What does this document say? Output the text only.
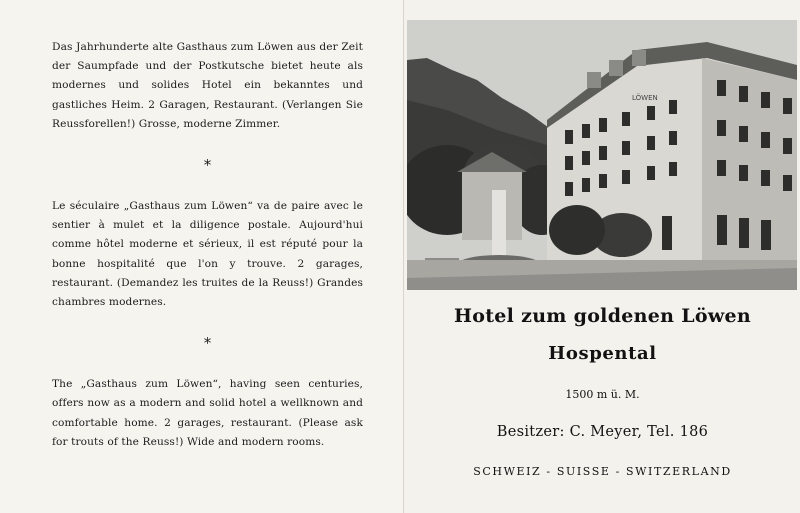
Das Jahrhunderte alte Gasthaus zum Löwen aus der Zeit der Saumpfade und der Postkutsche bietet heute als modernes und solides Hotel ein bekanntes und gastliches Heim. 2 Garagen, Restaurant. (Verlangen Sie Reussforellen!) Grosse, moderne Zimmer.

*

Le séculaire „Gasthaus zum Löwen“ va de paire avec le sentier à mulet et la diligence postale. Aujourd'hui comme hôtel moderne et sérieux, il est réputé pour la bonne hospitalité que l'on y trouve. 2 garages, restaurant. (Demandez les truites de la Reuss!) Grandes chambres modernes.

*

The „Gasthaus zum Löwen“, having seen centuries, offers now as a modern and solid hotel a wellknown and comfortable home. 2 garages, restaurant. (Please ask for trouts of the Reuss!) Wide and modern rooms.

LÖWEN
Hotel zum goldenen Löwen
Hospental
1500 m ü. M.
Besitzer: C. Meyer, Tel. 186
SCHWEIZ - SUISSE - SWITZERLAND
